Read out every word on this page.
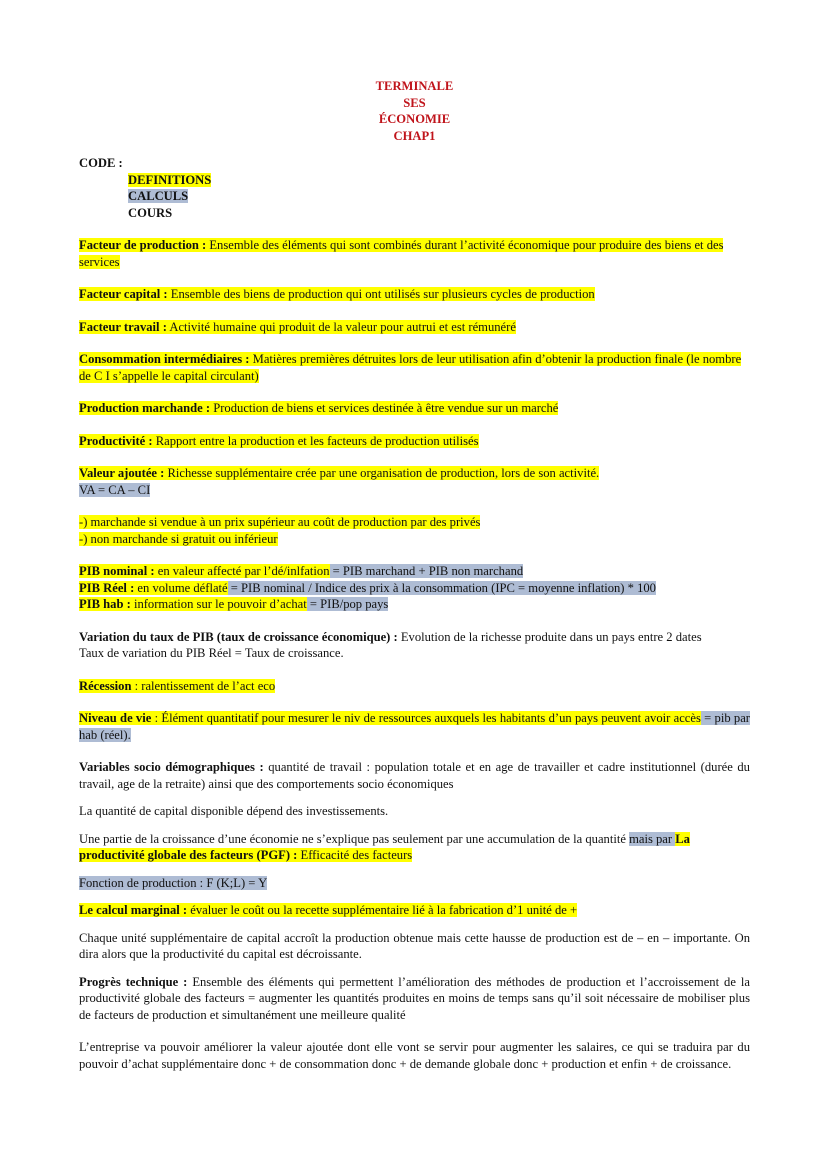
TERMINALE
SES
ÉCONOMIE
CHAP1
CODE :
DEFINITIONS
CALCULS
COURS

Facteur de production : Ensemble des éléments qui sont combinés durant l’activité économique pour produire des biens et des services

Facteur capital : Ensemble des biens de production qui ont utilisés sur plusieurs cycles de production

Facteur travail : Activité humaine qui produit de la valeur pour autrui et est rémunéré

Consommation intermédiaires : Matières premières détruites lors de leur utilisation afin d’obtenir la production finale (le nombre de C I s’appelle le capital circulant)

Production marchande : Production de biens et services destinée à être vendue sur un marché

Productivité : Rapport entre la production et les facteurs de production utilisés

Valeur ajoutée : Richesse supplémentaire crée par une organisation de production, lors de son activité.
VA = CA – CI

-) marchande si vendue à un prix supérieur au coût de production par des privés
-) non marchande si gratuit ou inférieur

PIB nominal : en valeur affecté par l’dé/inlfation = PIB marchand + PIB non marchand
PIB Réel : en volume déflaté = PIB nominal / Indice des prix à la consommation (IPC = moyenne inflation) * 100
PIB hab : information sur le pouvoir d’achat = PIB/pop pays

Variation du taux de PIB (taux de croissance économique) : Evolution de la richesse produite dans un pays entre 2 dates
Taux de variation du PIB Réel = Taux de croissance.

Récession : ralentissement de l’act eco

Niveau de vie : Élément quantitatif pour mesurer le niv de ressources auxquels les habitants d’un pays peuvent avoir accès = pib par hab (réel).

Variables socio démographiques : quantité de travail : population totale et en age de travailler et cadre institutionnel (durée du travail, age de la retraite) ainsi que des comportements socio économiques

La quantité de capital disponible dépend des investissements.

Une partie de la croissance d’une économie ne s’explique pas seulement par une accumulation de la quantité mais par La productivité globale des facteurs (PGF) : Efficacité des facteurs

Fonction de production : F (K;L) = Y

Le calcul marginal : évaluer le coût ou la recette supplémentaire lié à la fabrication d’1 unité de +

Chaque unité supplémentaire de capital accroît la production obtenue mais cette hausse de production est de – en – importante. On dira alors que la productivité du capital est décroissante.

Progrès technique : Ensemble des éléments qui permettent l’amélioration des méthodes de production et l’accroissement de la productivité globale des facteurs = augmenter les quantités produites en moins de temps sans qu’il soit nécessaire de mobiliser plus de facteurs de production et simultanément une meilleure qualité

L’entreprise va pouvoir améliorer la valeur ajoutée dont elle vont se servir pour augmenter les salaires, ce qui se traduira par du pouvoir d’achat supplémentaire donc + de consommation donc + de demande globale donc + production et enfin + de croissance.
